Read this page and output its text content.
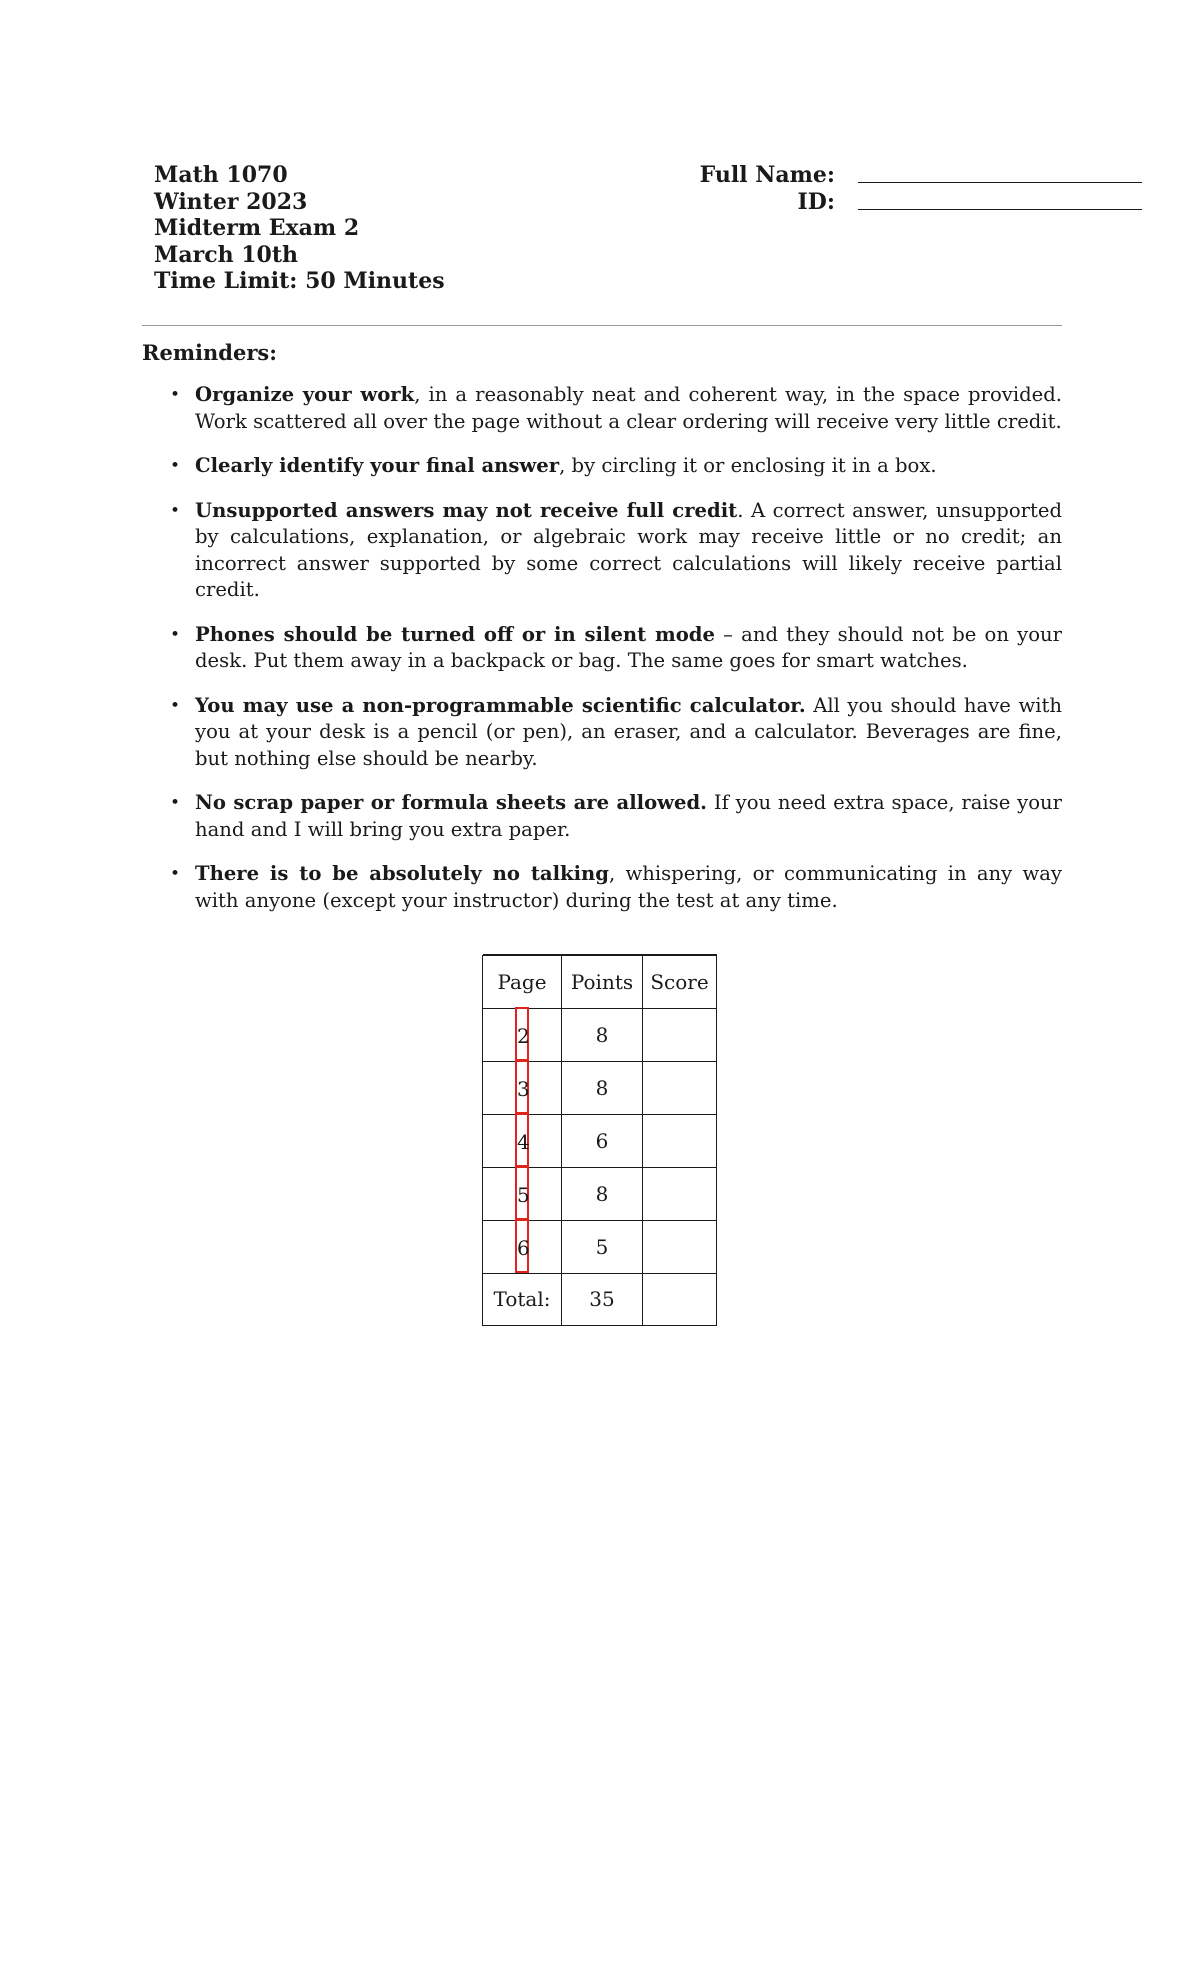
Math 1070
Winter 2023
Midterm Exam 2
March 10th
Time Limit: 50 Minutes
Full Name:
ID:
Reminders:
• Organize your work, in a reasonably neat and coherent way, in the space provided. Work scattered all over the page without a clear ordering will receive very little credit.
• Clearly identify your final answer, by circling it or enclosing it in a box.
• Unsupported answers may not receive full credit. A correct answer, unsupported by calculations, explanation, or algebraic work may receive little or no credit; an incorrect answer supported by some correct calculations will likely receive partial credit.
• Phones should be turned off or in silent mode – and they should not be on your desk. Put them away in a backpack or bag. The same goes for smart watches.
• You may use a non-programmable scientific calculator. All you should have with you at your desk is a pencil (or pen), an eraser, and a calculator. Beverages are fine, but nothing else should be nearby.
• No scrap paper or formula sheets are allowed. If you need extra space, raise your hand and I will bring you extra paper.
• There is to be absolutely no talking, whispering, or communicating in any way with anyone (except your instructor) during the test at any time.

Page	Points	Score
2	8	
3	8	
4	6	
5	8	
6	5	
Total:	35	
